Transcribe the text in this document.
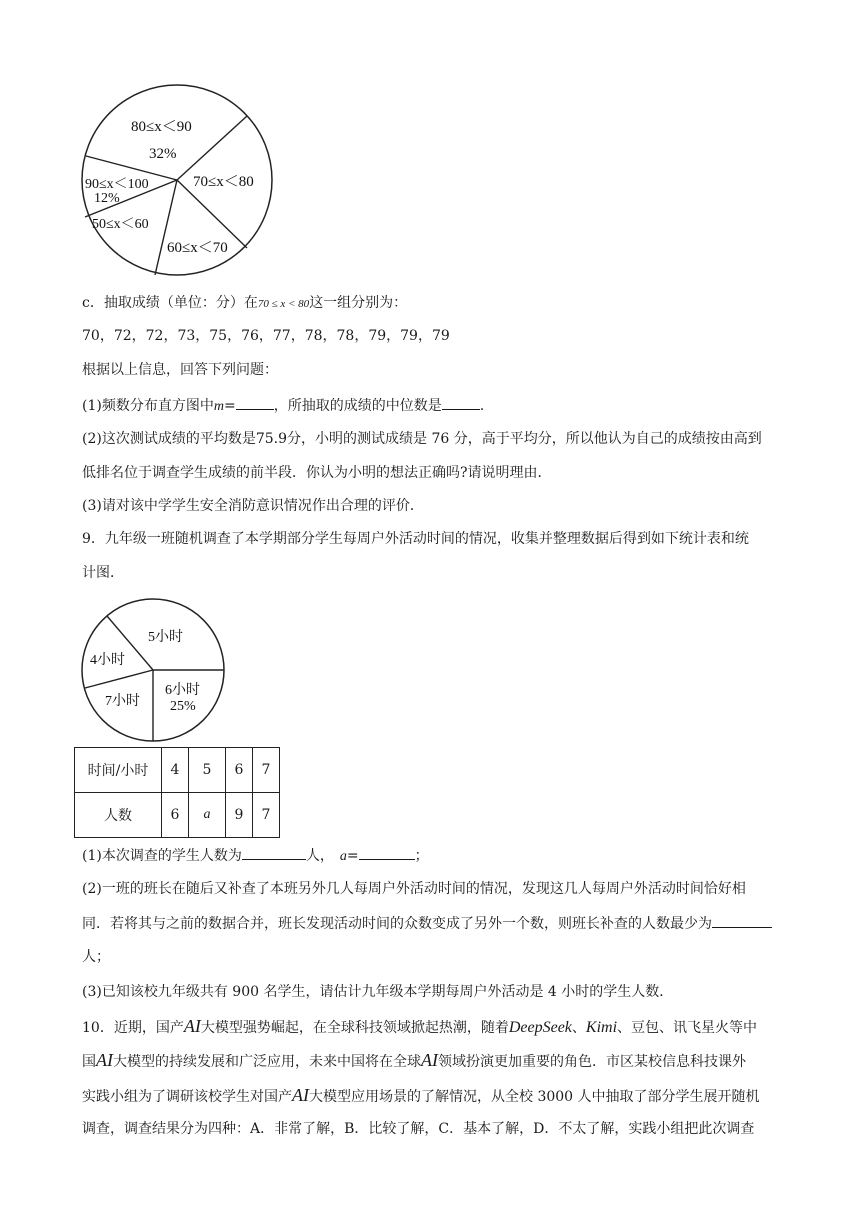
80≤x＜90
32%
70≤x＜80
60≤x＜70
50≤x＜60
90≤x＜100
12%
c．抽取成绩（单位：分）在70 ≤ x < 80这一组分别为：
70，72，72，73，75，76，77，78，78，79，79，79
根据以上信息，回答下列问题：
(1)频数分布直方图中m=	，所抽取的成绩的中位数是	.
(2)这次测试成绩的平均数是75.9分，小明的测试成绩是 76 分，高于平均分，所以他认为自己的成绩按由高到
低排名位于调查学生成绩的前半段．你认为小明的想法正确吗?请说明理由．
(3)请对该中学学生安全消防意识情况作出合理的评价．
9．九年级一班随机调查了本学期部分学生每周户外活动时间的情况，收集并整理数据后得到如下统计表和统
计图．
5小时
4小时
7小时
6小时
25%
时间/小时	4	5	6	7
人数	6	a	9	7
(1)本次调查的学生人数为	人， a=	；
(2)一班的班长在随后又补查了本班另外几人每周户外活动时间的情况，发现这几人每周户外活动时间恰好相
同．若将其与之前的数据合并，班长发现活动时间的众数变成了另外一个数，则班长补查的人数最少为
人；
(3)已知该校九年级共有 900 名学生，请估计九年级本学期每周户外活动是 4 小时的学生人数．
10．近期，国产AI大模型强势崛起，在全球科技领域掀起热潮，随着DeepSeek、Kimi、豆包、讯飞星火等中
国AI大模型的持续发展和广泛应用，未来中国将在全球AI领域扮演更加重要的角色．市区某校信息科技课外
实践小组为了调研该校学生对国产AI大模型应用场景的了解情况，从全校 3000 人中抽取了部分学生展开随机
调查，调查结果分为四种：A．非常了解，B．比较了解，C．基本了解，D．不太了解，实践小组把此次调查
